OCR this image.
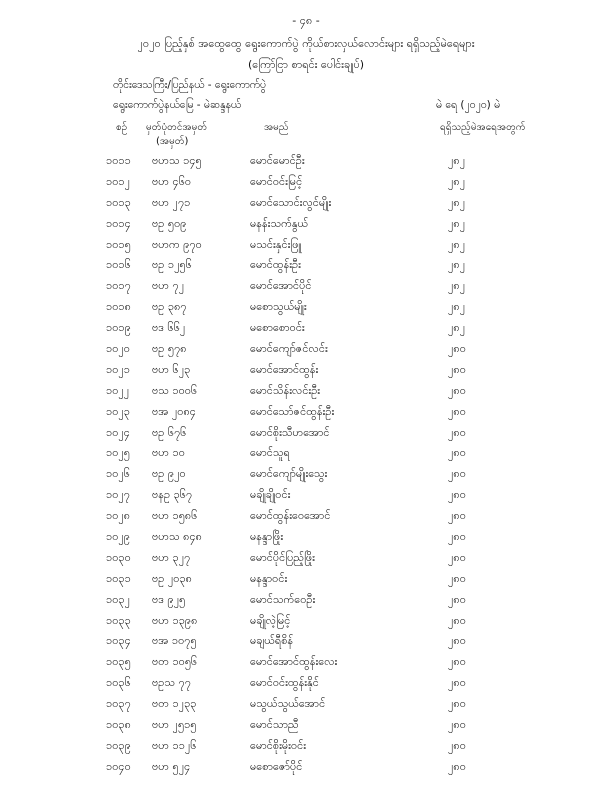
- ၄၈ -
၂၀၂၀ ပြည့်နှစ် အထွေထွေ ရွေးကောက်ပွဲ ကိုယ်စားလှယ်လောင်းများ ရရှိသည့်မဲရေများ
(ကြော်ငြာ စာရင်း ပေါင်းချုပ်)
တိုင်းဒေသကြီး/ပြည်နယ် - ရွေးကောက်ပွဲ
ရွေးကောက်ပွဲနယ်မြေ - မဲဆန္ဒနယ်	မဲ ရေ (၂၀၂၀) မဲ
စဉ် မှတ်ပုံတင်အမှတ်
(အမှတ်)
အမည်	ရရှိသည့်မဲအရေအတွက်
၁၀၁၁ ဗဟသ ၁၄၅	မောင်မောင်ဦး	၂၈၂
၁၀၁၂ ဗဟ ၄၆၀	မောင်ဝင်းမြင့်	၂၈၂
၁၀၁၃ ဗဟ ၂၇၁	မောင်သောင်းလွင်မျိုး	၂၈၂
၁၀၁၄ ဗဥ ၅၀၉	မနန်းသက်နွယ်	၂၈၂
၁၀၁၅ ဗဟက ၉၇၀	မသင်းနှင်းဖြူ	၂၈၂
၁၀၁၆ ဗဥ ၁၂၅၆	မောင်ထွန်းဦး	၂၈၂
၁၀၁၇ ဗဟ ၇၂	မောင်အောင်ပိုင်	၂၈၂
၁၀၁၈ ဗဥ ၃၈၇	မစောသွယ်မျိုး	၂၈၂
၁၀၁၉ ဗဒ ၆၆၂	မစောစောဝင်း	၂၈၂
၁၀၂၀ ဗဥ ၅၇၈	မောင်ကျော်ဇင်လင်း	၂၈၀
၁၀၂၁ ဗဟ ၆၂၃	မောင်အောင်ထွန်း	၂၈၀
၁၀၂၂ ဗသ ၁၀၀၆	မောင်သိန်းလင်းဦး	၂၈၀
၁၀၂၃ ဗအ ၂၀၈၄	မောင်သော်ဇင်ထွန်းဦး	၂၈၀
၁၀၂၄ ဗဥ ၆၇၆	မောင်စိုးသီဟအောင်	၂၈၀
၁၀၂၅ ဗဟ ၁၀	မောင်သူရ	၂၈၀
၁၀၂၆ ဗဥ ၉၂၀	မောင်ကျော်မျိုးသွေး	၂၈၀
၁၀၂၇ ဗနဥ ၃၆၇	မချိုချိုဝင်း	၂၈၀
၁၀၂၈ ဗဟ ၁၅၈၆	မောင်ထွန်းဝေအောင်	၂၈၀
၁၀၂၉ ဗဟသ ၈၄၈	မနန္ဒာဖြိုး	၂၈၀
၁၀၃၀ ဗဟ ၃၂၇	မောင်ပိုင်ပြည့်ဖြိုး	၂၈၀
၁၀၃၁ ဗဥ ၂၀၃၈	မနန္ဒာဝင်း	၂၈၀
၁၀၃၂ ဗဒ ၉၂၅	မောင်သက်ဝေဦး	၂၈၀
၁၀၃၃ ဗဟ ၁၃၉၈	မချိုလဲ့မြင့်	၂၈၀
၁၀၃၄ ဗအ ၁၀၇၅	မချယ်ရီစိန်	၂၈၀
၁၀၃၅ ဗတ ၁၀၅၆	မောင်အောင်ထွန်းလေး	၂၈၀
၁၀၃၆ ဗဥသ ၇၇	မောင်ဝင်းထွန်းနိုင်	၂၈၀
၁၀၃၇ ဗတ ၁၂၃၃	မသွယ်သွယ်အောင်	၂၈၀
၁၀၃၈ ဗဟ ၂၅၁၅	မောင်သာညီ	၂၈၀
၁၀၃၉ ဗဟ ၁၁၂၆	မောင်စိုးမိုးဝင်း	၂၈၀
၁၀၄၀ ဗဟ ၅၂၄	မစောဇော်ပိုင်	၂၈၀
